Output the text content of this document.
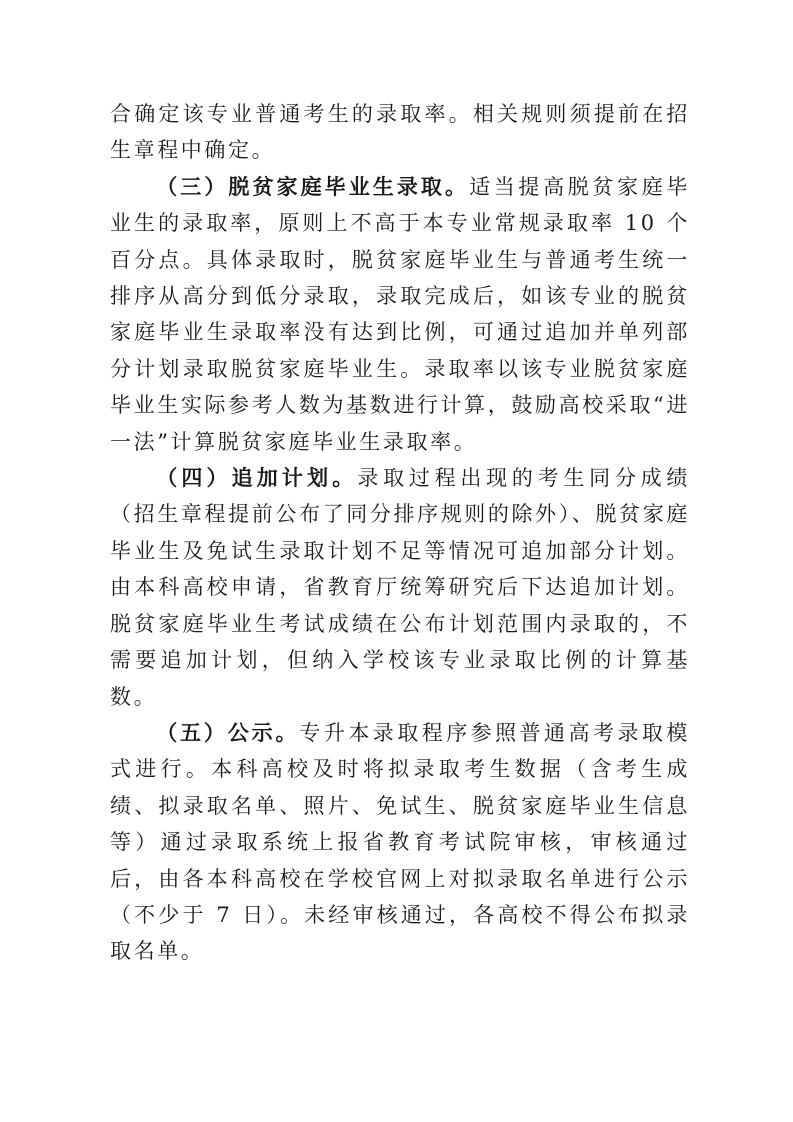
合确定该专业普通考生的录取率。相关规则须提前在招生章程中确定。

（三）脱贫家庭毕业生录取。适当提高脱贫家庭毕业生的录取率，原则上不高于本专业常规录取率 10 个百分点。具体录取时，脱贫家庭毕业生与普通考生统一排序从高分到低分录取，录取完成后，如该专业的脱贫家庭毕业生录取率没有达到比例，可通过追加并单列部分计划录取脱贫家庭毕业生。录取率以该专业脱贫家庭毕业生实际参考人数为基数进行计算，鼓励高校采取“进一法”计算脱贫家庭毕业生录取率。

（四）追加计划。录取过程出现的考生同分成绩（招生章程提前公布了同分排序规则的除外）、脱贫家庭毕业生及免试生录取计划不足等情况可追加部分计划。由本科高校申请，省教育厅统筹研究后下达追加计划。脱贫家庭毕业生考试成绩在公布计划范围内录取的，不需要追加计划，但纳入学校该专业录取比例的计算基数。

（五）公示。专升本录取程序参照普通高考录取模式进行。本科高校及时将拟录取考生数据（含考生成绩、拟录取名单、照片、免试生、脱贫家庭毕业生信息等）通过录取系统上报省教育考试院审核，审核通过后，由各本科高校在学校官网上对拟录取名单进行公示（不少于 7 日）。未经审核通过，各高校不得公布拟录取名单。
